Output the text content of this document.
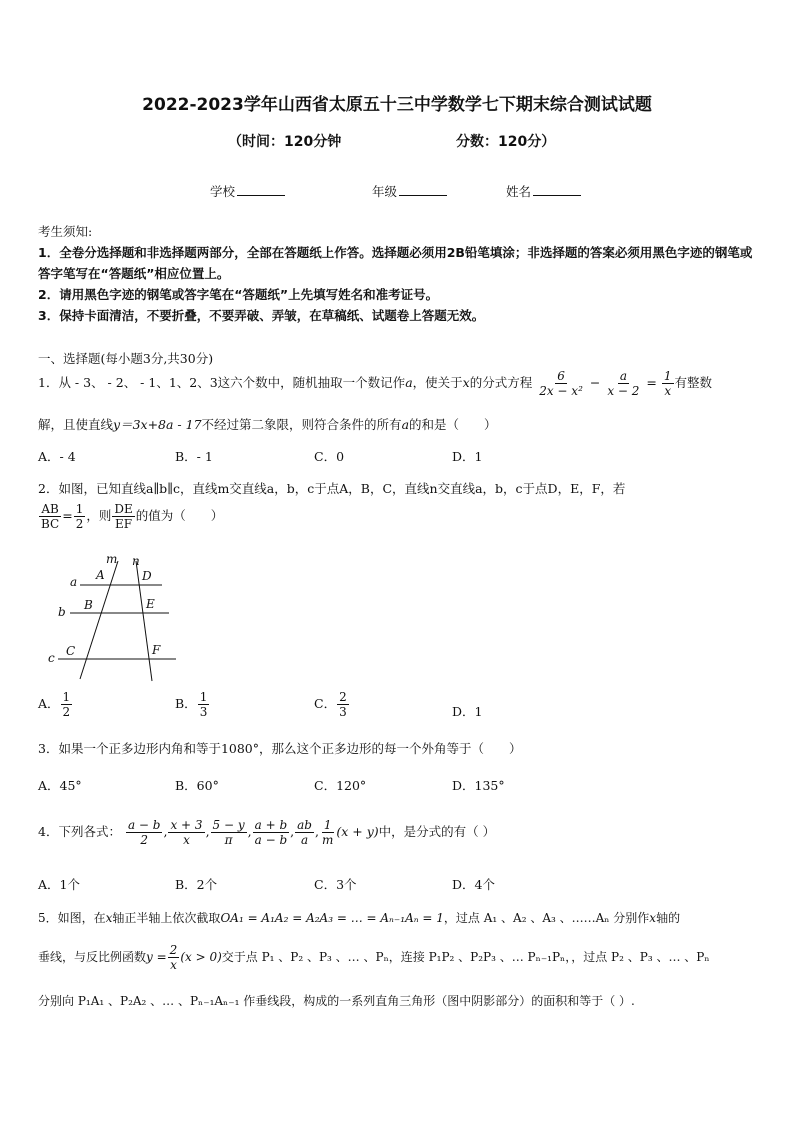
2022-2023学年山西省太原五十三中学数学七下期末综合测试试题
（时间：120分钟	分数：120分）
学校	年级	姓名
考生须知:
1．全卷分选择题和非选择题两部分，全部在答题纸上作答。选择题必须用2B铅笔填涂；非选择题的答案必须用黑色字迹的钢笔或答字笔写在“答题纸”相应位置上。
2．请用黑色字迹的钢笔或答字笔在“答题纸”上先填写姓名和准考证号。
3．保持卡面清洁，不要折叠，不要弄破、弄皱，在草稿纸、试题卷上答题无效。
一、选择题(每小题3分,共30分)
1．从 - 3、 - 2、 - 1、1、2、3这六个数中，随机抽取一个数记作a，使关于x的分式方程 $\frac{6}{\text{2x − x²}} - \frac{a}{x - 2} = \frac{1}{x}$ 有整数
解，且使直线y＝3x+8a - 17不经过第二象限，则符合条件的所有a的和是（　　）
A．- 4	B．- 1	C．0	D．1
2．如图，已知直线a∥b∥c，直线m交直线a，b，c于点A，B，C，直线n交直线a，b，c于点D，E，F，若
$\frac{AB}{BC} = \frac{1}{2}$ ，则 $\frac{DE}{EF}$ 的值为（　　）
m n
a
b
c
A
B
C
D
E
F
A． $\frac{1}{2}$	B． $\frac{1}{3}$	C． $\frac{2}{3}$	D．1
3．如果一个正多边形内角和等于1080°，那么这个正多边形的每一个外角等于（　　）
A．45°	B．60°	C．120°	D．135°
4．下列各式： $\frac{a - b}{2}$ , $\frac{x + 3}{x}$ , $\frac{5 - y}{\pi}$ , $\frac{a + b}{a - b}$ , $\frac{ab}{a}$ , $\frac{1}{m} (x + y)$中，是分式的有（ ）
A．1个	B．2个	C．3个	D．4个
5．如图，在x轴正半轴上依次截取OA₁ = A₁A₂ = A₂A₃ = … = Aₙ₋₁Aₙ = 1，过点 A₁ 、A₂ 、A₃ 、……Aₙ 分别作x轴的
垂线，与反比例函数$y = \frac{2}{x} (x > 0)$交于点 P₁ 、P₂ 、P₃ 、… 、Pₙ，连接 P₁P₂ 、P₂P₃ 、… Pₙ₋₁Pₙ，，过点 P₂ 、P₃ 、… 、Pₙ
分别向 P₁A₁ 、P₂A₂ 、… 、Pₙ₋₁Aₙ₋₁ 作垂线段，构成的一系列直角三角形（图中阴影部分）的面积和等于（ ）.
